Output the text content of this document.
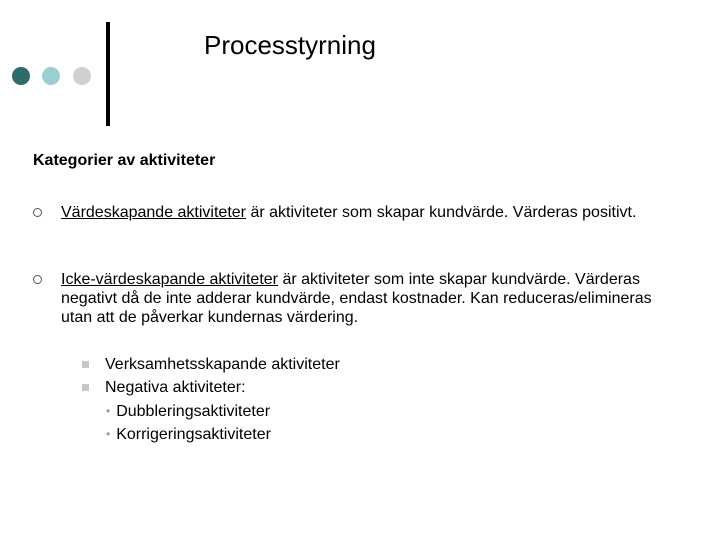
Processtyrning
Kategorier av aktiviteter
Värdeskapande aktiviteter är aktiviteter som skapar kundvärde. Värderas positivt.
Icke-värdeskapande aktiviteter är aktiviteter som inte skapar kundvärde. Värderas negativt då de inte adderar kundvärde, endast kostnader. Kan reduceras/elimineras utan att de påverkar kundernas värdering.
Verksamhetsskapande aktiviteter
Negativa aktiviteter:
• Dubbleringsaktiviteter
• Korrigeringsaktiviteter
